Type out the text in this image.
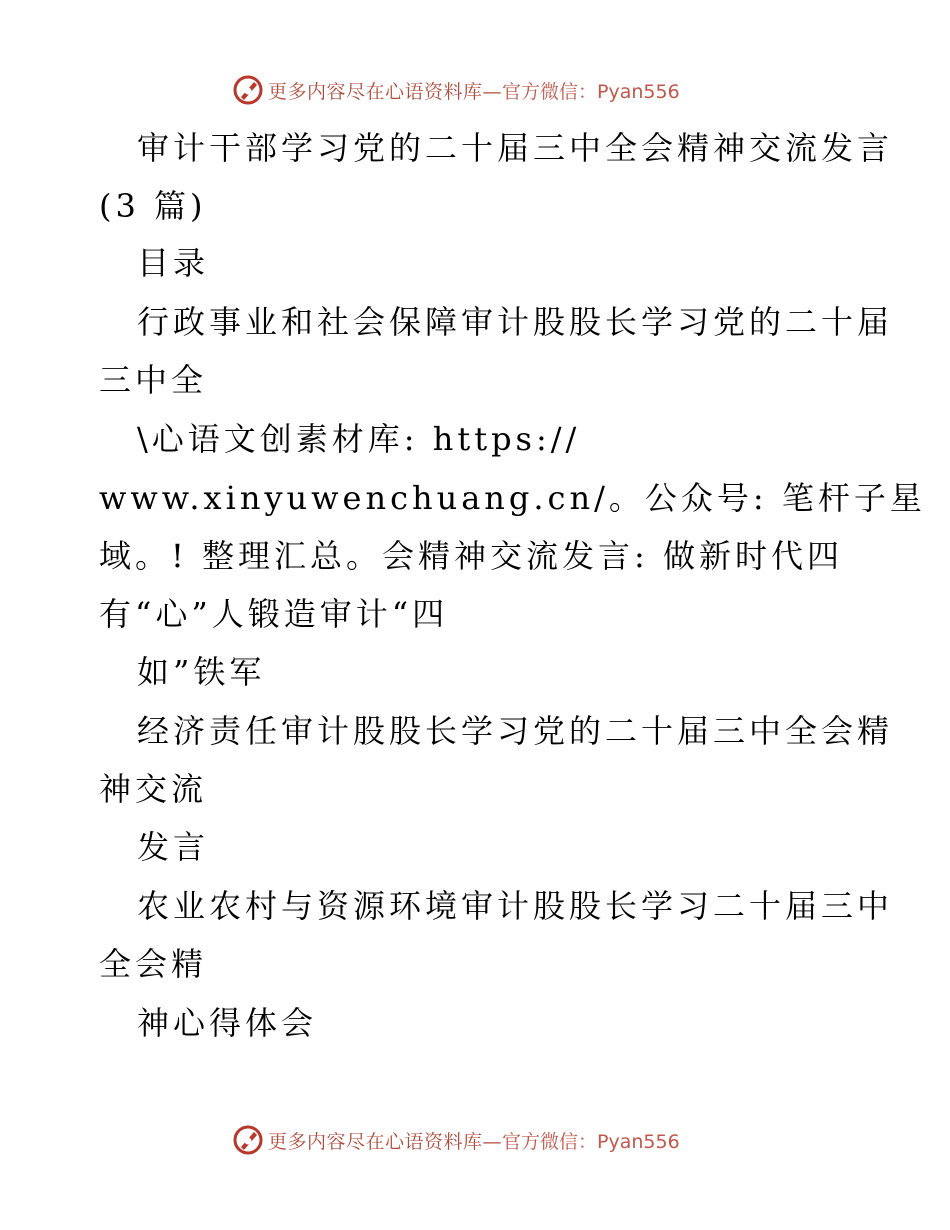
更多内容尽在心语资料库— 官方微信：Pyan556
审计干部学习党的二十届三中全会精神交流发言
(3 篇)
目录
行政事业和社会保障审计股股长学习党的二十届
三中全
\心语文创素材库: https://
www.xinyuwenchuang.cn/。公众号: 笔杆子星
域。! 整理汇总。会精神交流发言: 做新时代四
有“心”人锻造审计“四
如”铁军
经济责任审计股股长学习党的二十届三中全会精
神交流
发言
农业农村与资源环境审计股股长学习二十届三中
全会精
神心得体会
更多内容尽在心语资料库— 官方微信：Pyan556
